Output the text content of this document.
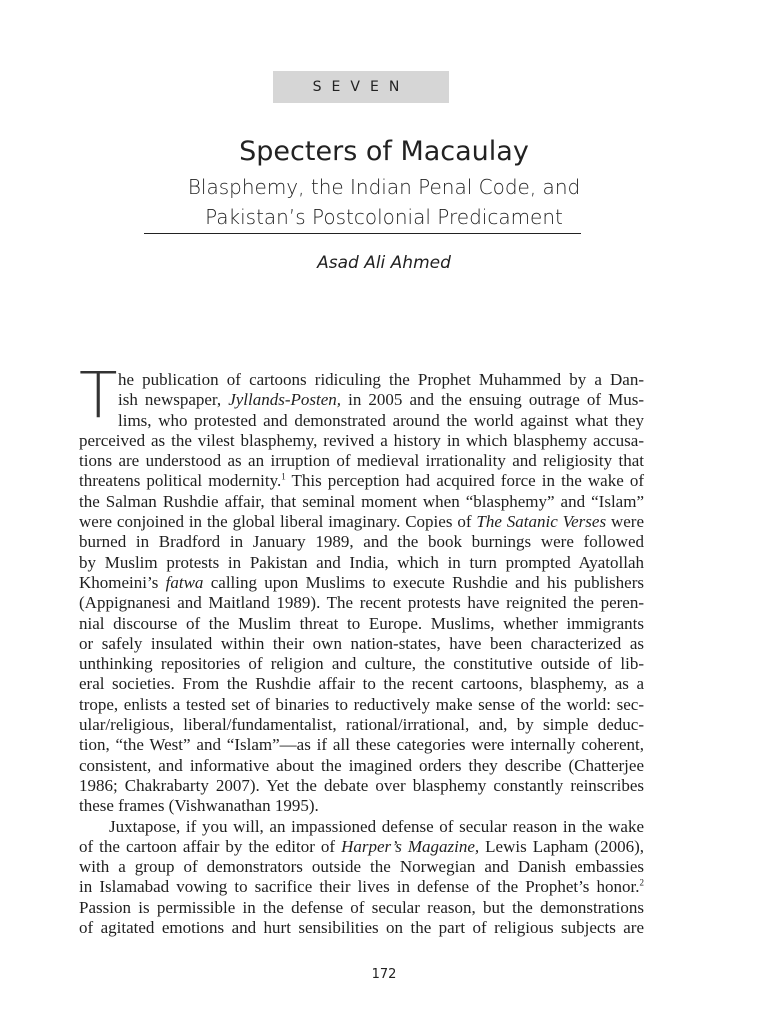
SEVEN
Specters of Macaulay
Blasphemy, the Indian Penal Code, and
Pakistan’s Postcolonial Predicament
Asad Ali Ahmed
T he publication of cartoons ridiculing the Prophet Muhammed by a Dan-
ish newspaper, Jyllands-Posten, in 2005 and the ensuing outrage of Mus-
lims, who protested and demonstrated around the world against what they
perceived as the vilest blasphemy, revived a history in which blasphemy accusa-
tions are understood as an irruption of medieval irrationality and religiosity that
threatens political modernity.$^1$ This perception had acquired force in the wake of
the Salman Rushdie affair, that seminal moment when “blasphemy” and “Islam”
were conjoined in the global liberal imaginary. Copies of The Satanic Verses were
burned in Bradford in January 1989, and the book burnings were followed
by Muslim protests in Pakistan and India, which in turn prompted Ayatollah
Khomeini’s fatwa calling upon Muslims to execute Rushdie and his publishers
(Appignanesi and Maitland 1989). The recent protests have reignited the peren-
nial discourse of the Muslim threat to Europe. Muslims, whether immigrants
or safely insulated within their own nation-states, have been characterized as
unthinking repositories of religion and culture, the constitutive outside of lib-
eral societies. From the Rushdie affair to the recent cartoons, blasphemy, as a
trope, enlists a tested set of binaries to reductively make sense of the world: sec-
ular/religious, liberal/fundamentalist, rational/irrational, and, by simple deduc-
tion, “the West” and “Islam”—as if all these categories were internally coherent,
consistent, and informative about the imagined orders they describe (Chatterjee
1986; Chakrabarty 2007). Yet the debate over blasphemy constantly reinscribes
these frames (Vishwanathan 1995).
Juxtapose, if you will, an impassioned defense of secular reason in the wake
of the cartoon affair by the editor of Harper’s Magazine, Lewis Lapham (2006),
with a group of demonstrators outside the Norwegian and Danish embassies
in Islamabad vowing to sacrifice their lives in defense of the Prophet’s honor.$^2$
Passion is permissible in the defense of secular reason, but the demonstrations
of agitated emotions and hurt sensibilities on the part of religious subjects are
172
